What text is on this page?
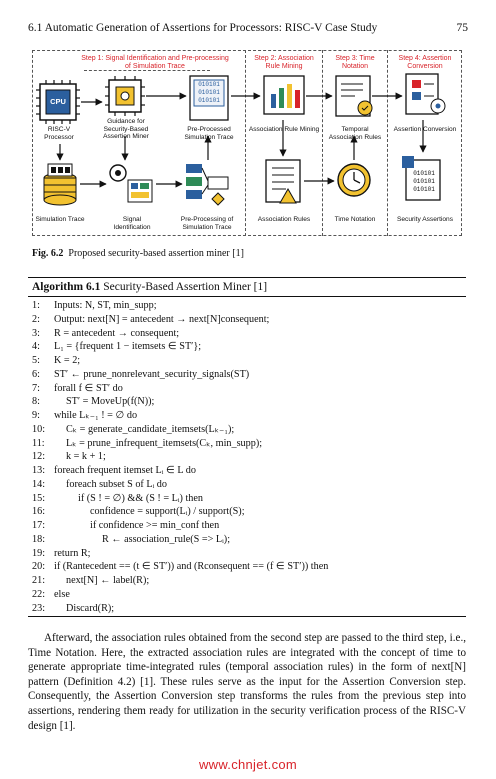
6.1 Automatic Generation of Assertions for Processors: RISC-V Case Study	75
Step 1: Signal Identification and Pre-processing of Simulation Trace
Step 2: Association Rule Mining
Step 3: Time Notation
Step 4: Assertion Conversion
CPU
010101
010101
010101
010101
010101
010101
RISC-V Processor
Guidance for Security-Based Assertion Miner
Pre-Processed Simulation Trace
Association Rule Mining	Temporal Association Rules
Assertion Conversion
Simulation Trace	Signal Identification
Pre-Processing of Simulation Trace
Association Rules	Time Notation	Security Assertions
Fig. 6.2 Proposed security-based assertion miner [1]
Algorithm 6.1 Security-Based Assertion Miner [1]
1: Inputs: N, ST, min_supp;
2: Output: next[N] = antecedent → next[N]consequent;
3: R = antecedent → consequent;
4: L₁ = {frequent 1 − itemsets ∈ ST′};
5: K = 2;
6: ST′ ← prune_nonrelevant_security_signals(ST)
7: forall f ∈ ST′ do
8:	ST′ = MoveUp(f(N));
9: while Lₖ₋₁ ! = ∅ do
10: Cₖ = generate_candidate_itemsets(Lₖ₋₁);
11: Lₖ = prune_infrequent_itemsets(Cₖ, min_supp);
12: k = k + 1;
13: foreach frequent itemset Lᵢ ∈ L do
14: foreach subset S of Lᵢ do
15:	if (S ! = ∅) && (S ! = Lᵢ) then
16:	confidence = support(Lᵢ) / support(S);
17:	if confidence >= min_conf then
18:	R ← association_rule(S => Lᵢ);
19: return R;
20: if (Rantecedent == (t ∈ ST′)) and (Rconsequent == (f ∈ ST′)) then
21: next[N] ← label(R);
22: else
23: Discard(R);
Afterward, the association rules obtained from the second step are passed to the third step, i.e., Time Notation. Here, the extracted association rules are integrated with the concept of time to generate appropriate time-integrated rules (temporal association rules) in the form of next[N] pattern (Definition 4.2) [1]. These rules serve as the input for the Assertion Conversion step. Consequently, the Assertion Conversion step transforms the rules from the previous step into assertions, rendering them ready for utilization in the security verification process of the RISC-V design [1].
www.chnjet.com
